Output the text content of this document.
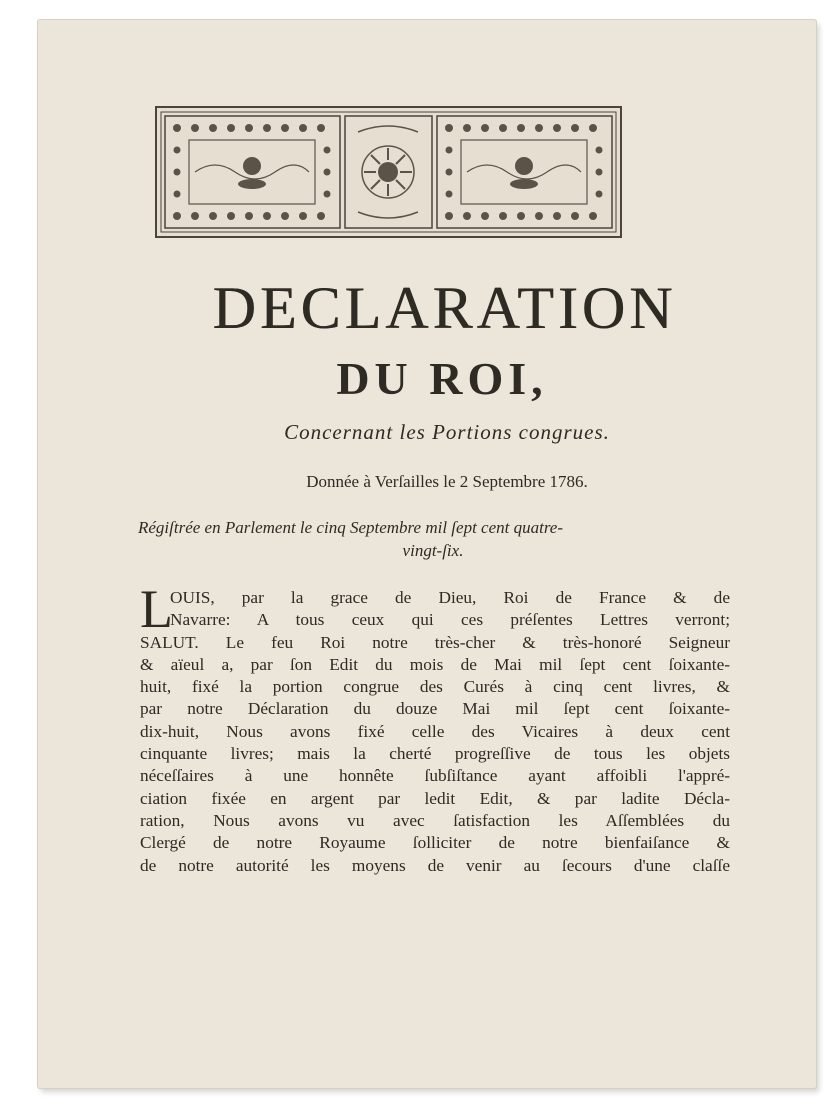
DECLARATION
DU ROI,
Concernant les Portions congrues.
Donnée à Verſailles le 2 Septembre 1786.
Régiſtrée en Parlement le cinq Septembre mil ſept cent quatre-
vingt-ſix.
L
OUIS, par la grace de Dieu, Roi de France & de
Navarre: A tous ceux qui ces préſentes Lettres verront;
SALUT. Le feu Roi notre très-cher & très-honoré Seigneur
& aïeul a, par ſon Edit du mois de Mai mil ſept cent ſoixante-
huit, fixé la portion congrue des Curés à cinq cent livres, &
par notre Déclaration du douze Mai mil ſept cent ſoixante-
dix-huit, Nous avons fixé celle des Vicaires à deux cent
cinquante livres; mais la cherté progreſſive de tous les objets
néceſſaires à une honnête ſubſiſtance ayant affoibli l'appré-
ciation fixée en argent par ledit Edit, & par ladite Décla-
ration, Nous avons vu avec ſatisfaction les Aſſemblées du
Clergé de notre Royaume ſolliciter de notre bienfaiſance &
de notre autorité les moyens de venir au ſecours d'une claſſe
